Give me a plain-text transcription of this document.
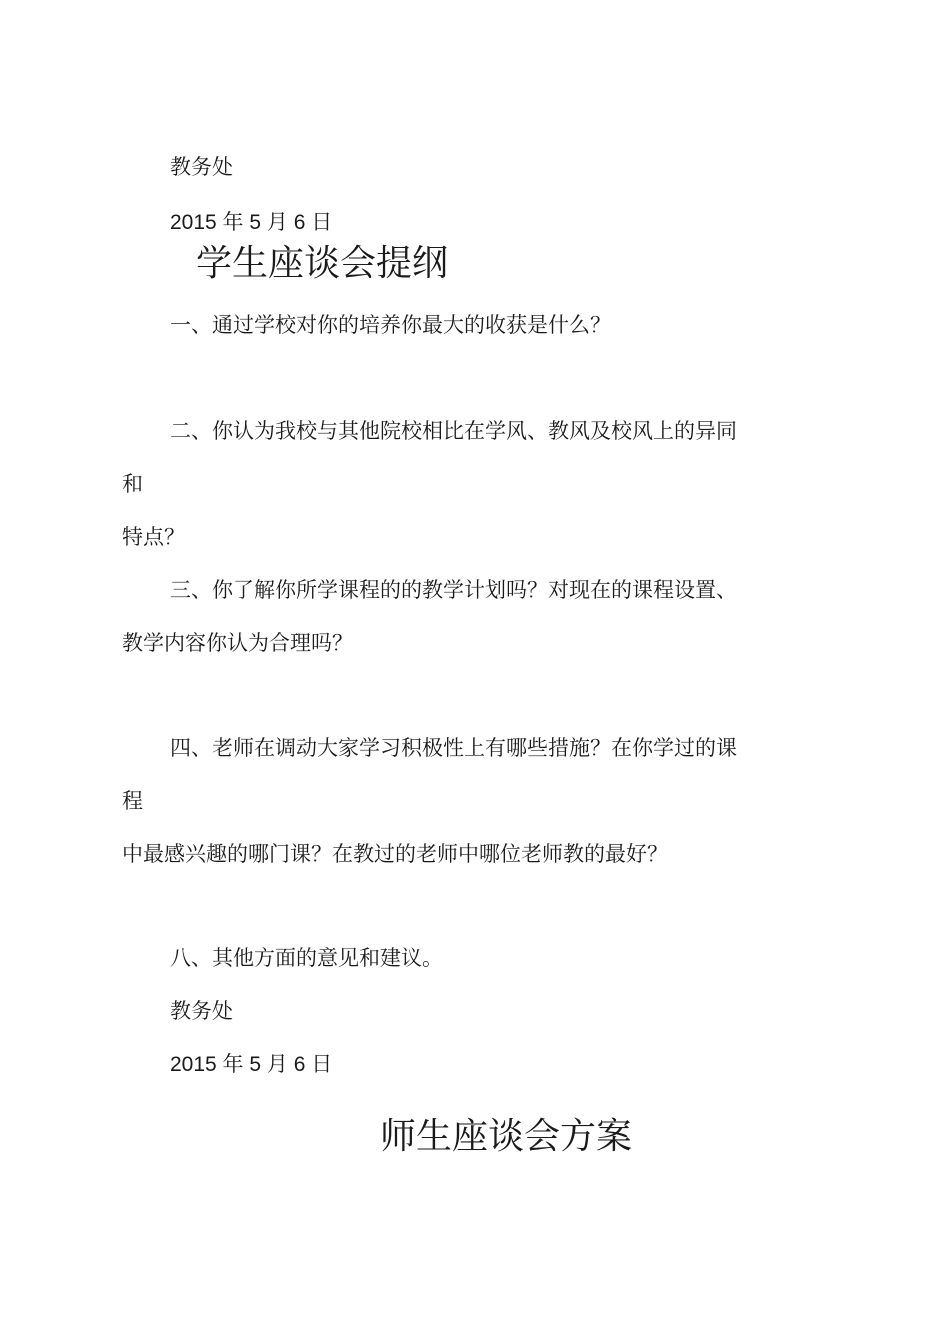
教务处
2015 年 5 月 6 日
学生座谈会提纲
一、通过学校对你的培养你最大的收获是什么？
二、你认为我校与其他院校相比在学风、教风及校风上的异同
和
特点？
三、你了解你所学课程的的教学计划吗？对现在的课程设置、
教学内容你认为合理吗？
四、老师在调动大家学习积极性上有哪些措施？在你学过的课
程
中最感兴趣的哪门课？在教过的老师中哪位老师教的最好？
八、其他方面的意见和建议。
教务处
2015 年 5 月 6 日
师生座谈会方案
